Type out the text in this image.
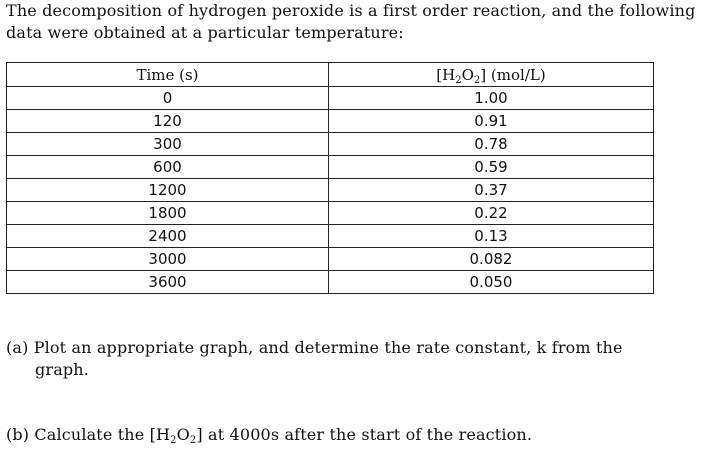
The decomposition of hydrogen peroxide is a first order reaction, and the following
data were obtained at a particular temperature:
Time (s)	$[H_2O_2]$ (mol/L)
0	1.00
120	0.91
300	0.78
600	0.59
1200	0.37
1800	0.22
2400	0.13
3000	0.082
3600	0.050
(a) Plot an appropriate graph, and determine the rate constant, k from the
graph.
(b) Calculate the $[H_2O_2]$ at 4000s after the start of the reaction.
